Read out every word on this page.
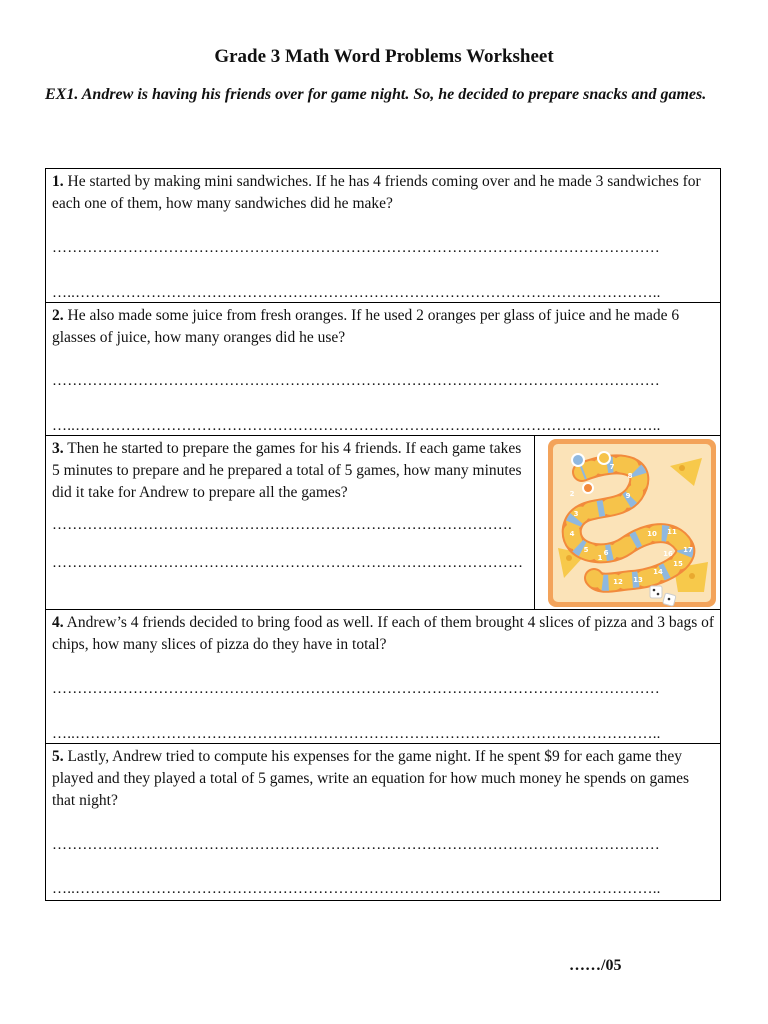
Grade 3 Math Word Problems Worksheet

EX1. Andrew is having his friends over for game night. So, he decided to prepare snacks and games.

1. He started by making mini sandwiches. If he has 4 friends coming over and he made 3 sandwiches for each one of them, how many sandwiches did he make?
…………………………………………………………………………………………………………
…..……………………………………………………………………………………………………..
2. He also made some juice from fresh oranges. If he used 2 oranges per glass of juice and he made 6 glasses of juice, how many oranges did he use?
…………………………………………………………………………………………………………
…..……………………………………………………………………………………………………..
3. Then he started to prepare the games for his 4 friends. If each game takes 5 minutes to prepare and he prepared a total of 5 games, how many minutes did it take for Andrew to prepare all the games?
……………………………………………………………………………….
…………………………………………………………………………………
7
8
9
2
3
4
5 6
10 11
17
14
13
12
1
15
16
4. Andrew’s 4 friends decided to bring food as well. If each of them brought 4 slices of pizza and 3 bags of chips, how many slices of pizza do they have in total?
…………………………………………………………………………………………………………
…..……………………………………………………………………………………………………..
5. Lastly, Andrew tried to compute his expenses for the game night. If he spent $9 for each game they played and they played a total of 5 games, write an equation for how much money he spends on games that night?
…………………………………………………………………………………………………………
…..……………………………………………………………………………………………………..
……/05
